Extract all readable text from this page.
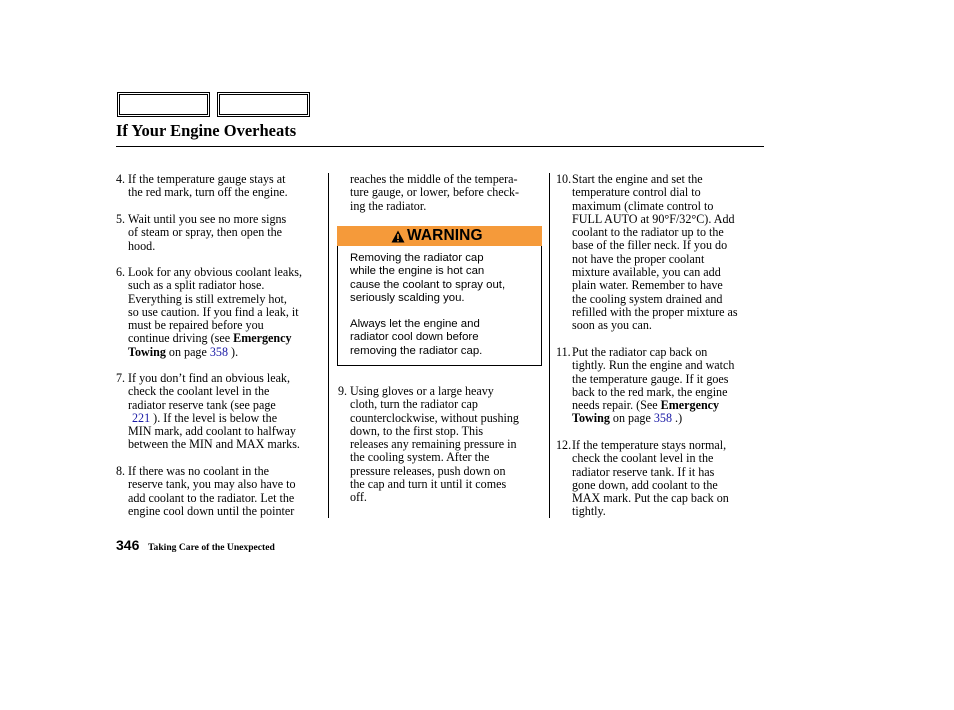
If Your Engine Overheats
4. If the temperature gauge stays at
the red mark, turn off the engine.
5. Wait until you see no more signs
of steam or spray, then open the
hood.
6. Look for any obvious coolant leaks,
such as a split radiator hose.
Everything is still extremely hot,
so use caution. If you find a leak, it
must be repaired before you
continue driving (see Emergency
Towing on page 358 ).
7. If you don’t find an obvious leak,
check the coolant level in the
radiator reserve tank (see page
221 ). If the level is below the
MIN mark, add coolant to halfway
between the MIN and MAX marks.
8. If there was no coolant in the
reserve tank, you may also have to
add coolant to the radiator. Let the
engine cool down until the pointer
reaches the middle of the tempera-
ture gauge, or lower, before check-
ing the radiator.
WARNING
Removing the radiator cap
while the engine is hot can
cause the coolant to spray out,
seriously scalding you.
Always let the engine and
radiator cool down before
removing the radiator cap.
9. Using gloves or a large heavy
cloth, turn the radiator cap
counterclockwise, without pushing
down, to the first stop. This
releases any remaining pressure in
the cooling system. After the
pressure releases, push down on
the cap and turn it until it comes
off.
10. Start the engine and set the
temperature control dial to
maximum (climate control to
FULL AUTO at 90°F/32°C). Add
coolant to the radiator up to the
base of the filler neck. If you do
not have the proper coolant
mixture available, you can add
plain water. Remember to have
the cooling system drained and
refilled with the proper mixture as
soon as you can.
11. Put the radiator cap back on
tightly. Run the engine and watch
the temperature gauge. If it goes
back to the red mark, the engine
needs repair. (See Emergency
Towing on page 358 .)
12. If the temperature stays normal,
check the coolant level in the
radiator reserve tank. If it has
gone down, add coolant to the
MAX mark. Put the cap back on
tightly.
346 Taking Care of the Unexpected
